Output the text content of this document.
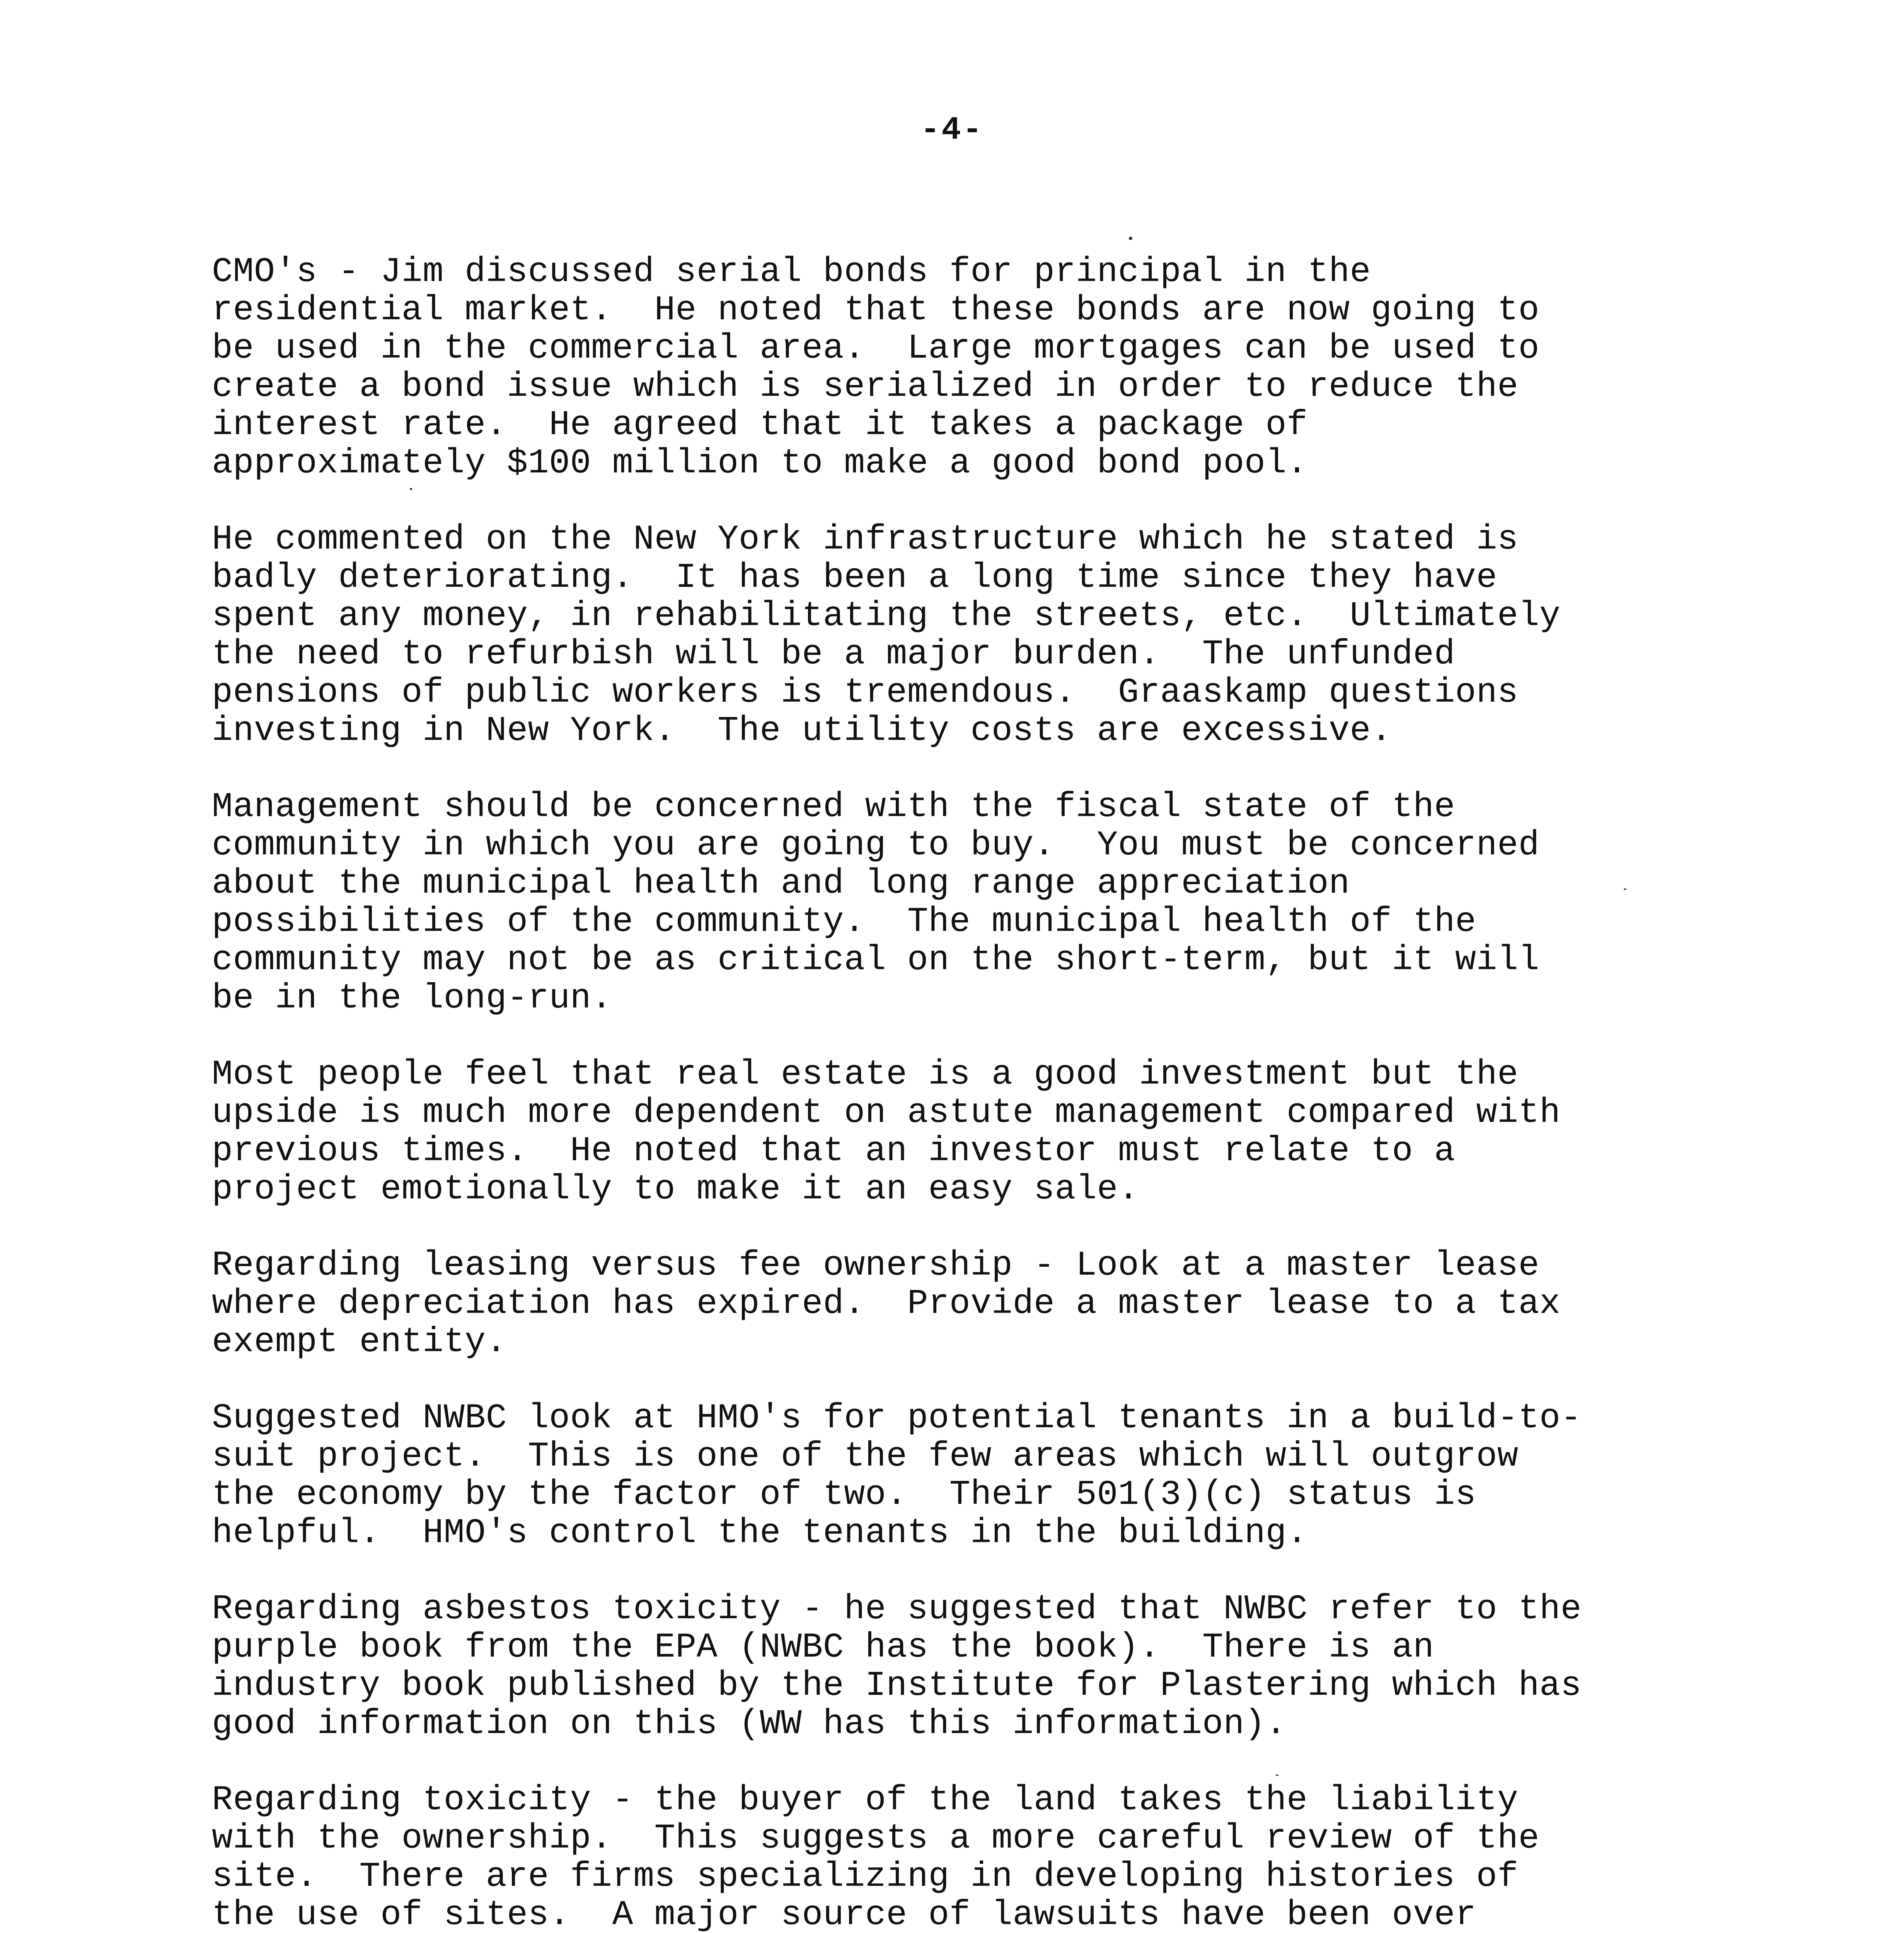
-4-

CMO's - Jim discussed serial bonds for principal in the
residential market.  He noted that these bonds are now going to
be used in the commercial area.  Large mortgages can be used to
create a bond issue which is serialized in order to reduce the
interest rate.  He agreed that it takes a package of
approximately $100 million to make a good bond pool.

He commented on the New York infrastructure which he stated is
badly deteriorating.  It has been a long time since they have
spent any money, in rehabilitating the streets, etc.  Ultimately
the need to refurbish will be a major burden.  The unfunded
pensions of public workers is tremendous.  Graaskamp questions
investing in New York.  The utility costs are excessive.

Management should be concerned with the fiscal state of the
community in which you are going to buy.  You must be concerned
about the municipal health and long range appreciation
possibilities of the community.  The municipal health of the
community may not be as critical on the short-term, but it will
be in the long-run.

Most people feel that real estate is a good investment but the
upside is much more dependent on astute management compared with
previous times.  He noted that an investor must relate to a
project emotionally to make it an easy sale.

Regarding leasing versus fee ownership - Look at a master lease
where depreciation has expired.  Provide a master lease to a tax
exempt entity.

Suggested NWBC look at HMO's for potential tenants in a build-to-
suit project.  This is one of the few areas which will outgrow
the economy by the factor of two.  Their 501(3)(c) status is
helpful.  HMO's control the tenants in the building.

Regarding asbestos toxicity - he suggested that NWBC refer to the
purple book from the EPA (NWBC has the book).  There is an
industry book published by the Institute for Plastering which has
good information on this (WW has this information).

Regarding toxicity - the buyer of the land takes the liability
with the ownership.  This suggests a more careful review of the
site.  There are firms specializing in developing histories of
the use of sites.  A major source of lawsuits have been over
